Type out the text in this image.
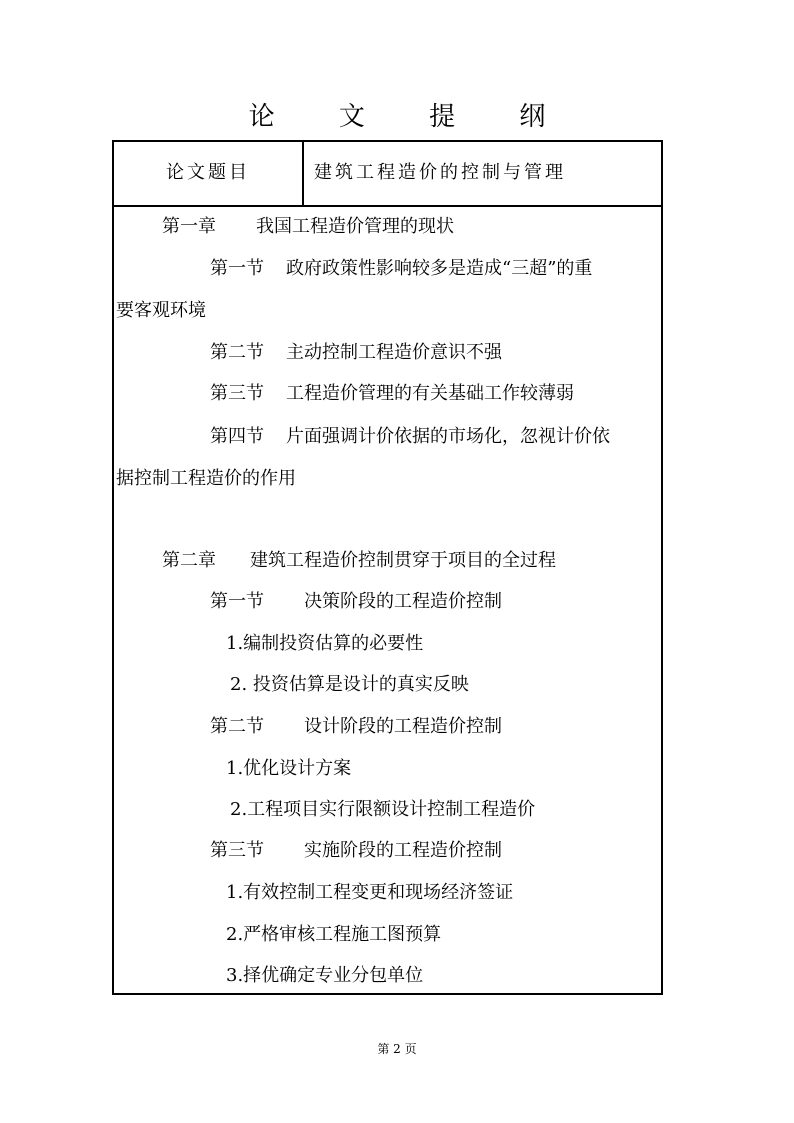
论 文 提 纲
论文题目	建筑工程造价的控制与管理
第一章 我国工程造价管理的现状
第一节 政府政策性影响较多是造成“三超”的重
要客观环境
第二节 主动控制工程造价意识不强
第三节 工程造价管理的有关基础工作较薄弱
第四节 片面强调计价依据的市场化，忽视计价依
据控制工程造价的作用
第二章 建筑工程造价控制贯穿于项目的全过程
第一节 决策阶段的工程造价控制
1.编制投资估算的必要性
2. 投资估算是设计的真实反映
第二节 设计阶段的工程造价控制
1.优化设计方案
2.工程项目实行限额设计控制工程造价
第三节 实施阶段的工程造价控制
1.有效控制工程变更和现场经济签证
2.严格审核工程施工图预算
3.择优确定专业分包单位
第 2 页
